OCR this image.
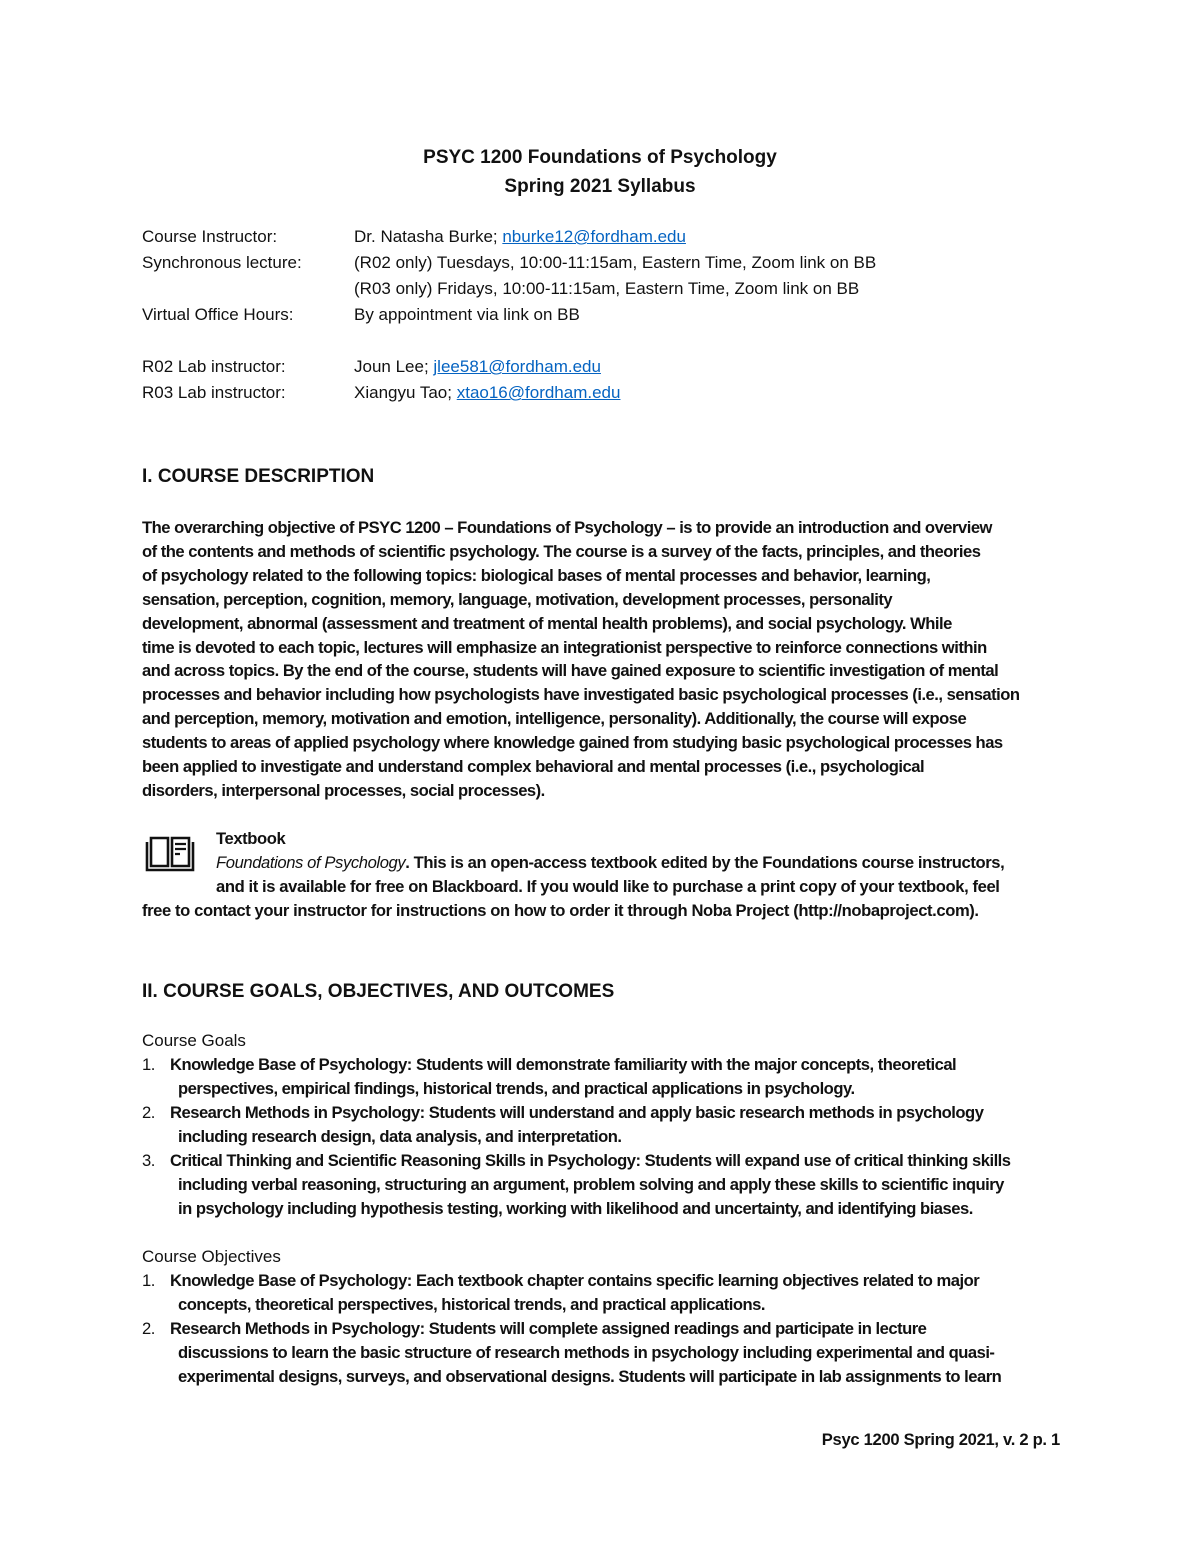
PSYC 1200 Foundations of Psychology
Spring 2021 Syllabus
Course Instructor:	Dr. Natasha Burke; nburke12@fordham.edu
Synchronous lecture:	(R02 only) Tuesdays, 10:00-11:15am, Eastern Time, Zoom link on BB
(R03 only) Fridays, 10:00-11:15am, Eastern Time, Zoom link on BB
Virtual Office Hours:	By appointment via link on BB
R02 Lab instructor:	Joun Lee; jlee581@fordham.edu
R03 Lab instructor:	Xiangyu Tao; xtao16@fordham.edu
I. COURSE DESCRIPTION
The overarching objective of PSYC 1200 – Foundations of Psychology – is to provide an introduction and overview
of the contents and methods of scientific psychology. The course is a survey of the facts, principles, and theories
of psychology related to the following topics: biological bases of mental processes and behavior, learning,
sensation, perception, cognition, memory, language, motivation, development processes, personality
development, abnormal (assessment and treatment of mental health problems), and social psychology. While
time is devoted to each topic, lectures will emphasize an integrationist perspective to reinforce connections within
and across topics. By the end of the course, students will have gained exposure to scientific investigation of mental
processes and behavior including how psychologists have investigated basic psychological processes (i.e., sensation
and perception, memory, motivation and emotion, intelligence, personality). Additionally, the course will expose
students to areas of applied psychology where knowledge gained from studying basic psychological processes has
been applied to investigate and understand complex behavioral and mental processes (i.e., psychological
disorders, interpersonal processes, social processes).
Textbook
Foundations of Psychology. This is an open-access textbook edited by the Foundations course instructors,
and it is available for free on Blackboard. If you would like to purchase a print copy of your textbook, feel
free to contact your instructor for instructions on how to order it through Noba Project (http://nobaproject.com).
II. COURSE GOALS, OBJECTIVES, AND OUTCOMES
Course Goals
1. Knowledge Base of Psychology: Students will demonstrate familiarity with the major concepts, theoretical
perspectives, empirical findings, historical trends, and practical applications in psychology.
2. Research Methods in Psychology: Students will understand and apply basic research methods in psychology
including research design, data analysis, and interpretation.
3. Critical Thinking and Scientific Reasoning Skills in Psychology: Students will expand use of critical thinking skills
including verbal reasoning, structuring an argument, problem solving and apply these skills to scientific inquiry
in psychology including hypothesis testing, working with likelihood and uncertainty, and identifying biases.
Course Objectives
1. Knowledge Base of Psychology: Each textbook chapter contains specific learning objectives related to major
concepts, theoretical perspectives, historical trends, and practical applications.
2. Research Methods in Psychology: Students will complete assigned readings and participate in lecture
discussions to learn the basic structure of research methods in psychology including experimental and quasi-
experimental designs, surveys, and observational designs. Students will participate in lab assignments to learn
Psyc 1200 Spring 2021, v. 2 p. 1
